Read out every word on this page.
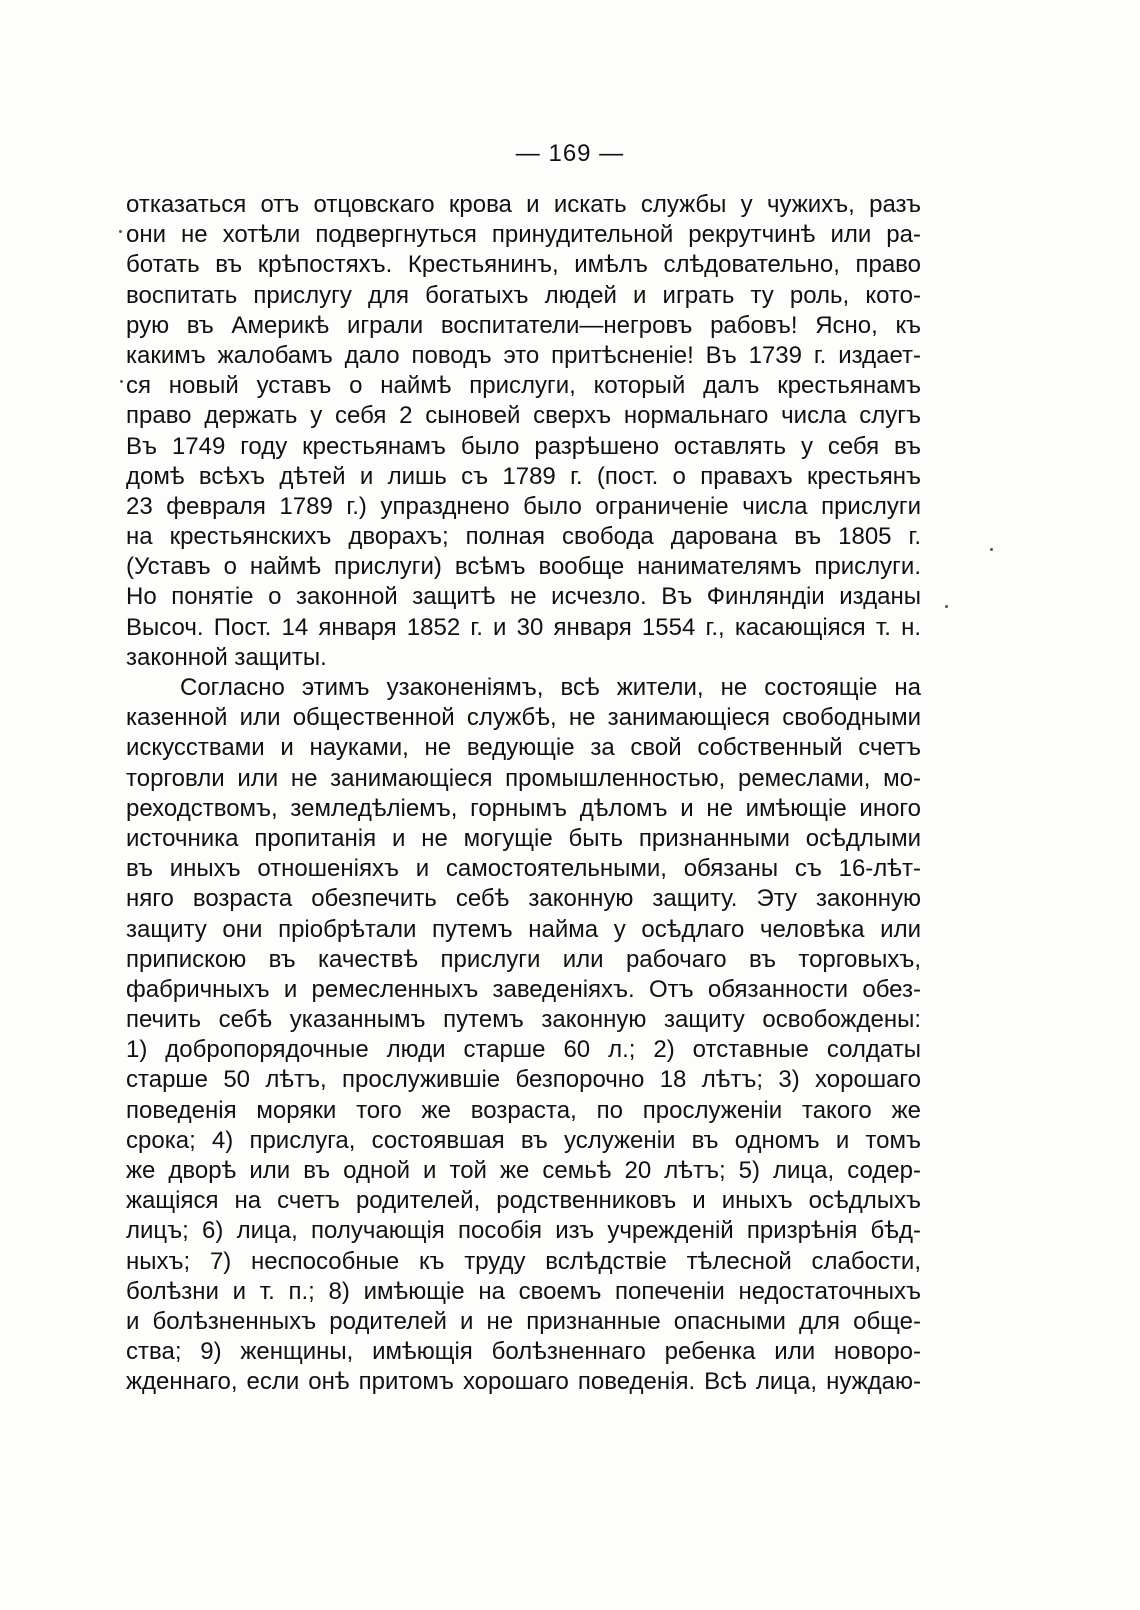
— 169 —
отказаться отъ отцовскаго крова и искать службы у чужихъ, разъ
они не хотѣли подвергнуться принудительной рекрутчинѣ или ра-
ботать въ крѣпостяхъ. Крестьянинъ, имѣлъ слѣдовательно, право
воспитать прислугу для богатыхъ людей и играть ту роль, кото-
рую въ Америкѣ играли воспитатели—негровъ рабовъ! Ясно, къ
какимъ жалобамъ дало поводъ это притѣсненіе! Въ 1739 г. издает-
ся новый уставъ о наймѣ прислуги, который далъ крестьянамъ
право держать у себя 2 сыновей сверхъ нормальнаго числа слугъ
Въ 1749 году крестьянамъ было разрѣшено оставлять у себя въ
домѣ всѣхъ дѣтей и лишь съ 1789 г. (пост. о правахъ крестьянъ
23 февраля 1789 г.) упразднено было ограниченіе числа прислуги
на крестьянскихъ дворахъ; полная свобода дарована въ 1805 г.
(Уставъ о наймѣ прислуги) всѣмъ вообще нанимателямъ прислуги.
Но понятіе о законной защитѣ не исчезло. Въ Финляндіи изданы
Высоч. Пост. 14 января 1852 г. и 30 января 1554 г., касающіяся т. н.
законной защиты.
Согласно этимъ узаконеніямъ, всѣ жители, не состоящіе на
казенной или общественной службѣ, не занимающіеся свободными
искусствами и науками, не ведующіе за свой собственный счетъ
торговли или не занимающіеся промышленностью, ремеслами, мо-
реходствомъ, земледѣліемъ, горнымъ дѣломъ и не имѣющіе иного
источника пропитанія и не могущіе быть признанными осѣдлыми
въ иныхъ отношеніяхъ и самостоятельными, обязаны съ 16-лѣт-
няго возраста обезпечить себѣ законную защиту. Эту законную
защиту они пріобрѣтали путемъ найма у осѣдлаго человѣка или
припискою въ качествѣ прислуги или рабочаго въ торговыхъ,
фабричныхъ и ремесленныхъ заведеніяхъ. Отъ обязанности обез-
печить себѣ указаннымъ путемъ законную защиту освобождены:
1) добропорядочные люди старше 60 л.; 2) отставные солдаты
старше 50 лѣтъ, прослужившіе безпорочно 18 лѣтъ; 3) хорошаго
поведенія моряки того же возраста, по прослуженіи такого же
срока; 4) прислуга, состоявшая въ услуженіи въ одномъ и томъ
же дворѣ или въ одной и той же семьѣ 20 лѣтъ; 5) лица, содер-
жащіяся на счетъ родителей, родственниковъ и иныхъ осѣдлыхъ
лицъ; 6) лица, получающія пособія изъ учрежденій призрѣнія бѣд-
ныхъ; 7) неспособные къ труду вслѣдствіе тѣлесной слабости,
болѣзни и т. п.; 8) имѣющіе на своемъ попеченіи недостаточныхъ
и болѣзненныхъ родителей и не признанные опасными для обще-
ства; 9) женщины, имѣющія болѣзненнаго ребенка или новоро-
жденнаго, если онѣ притомъ хорошаго поведенія. Всѣ лица, нуждаю-
